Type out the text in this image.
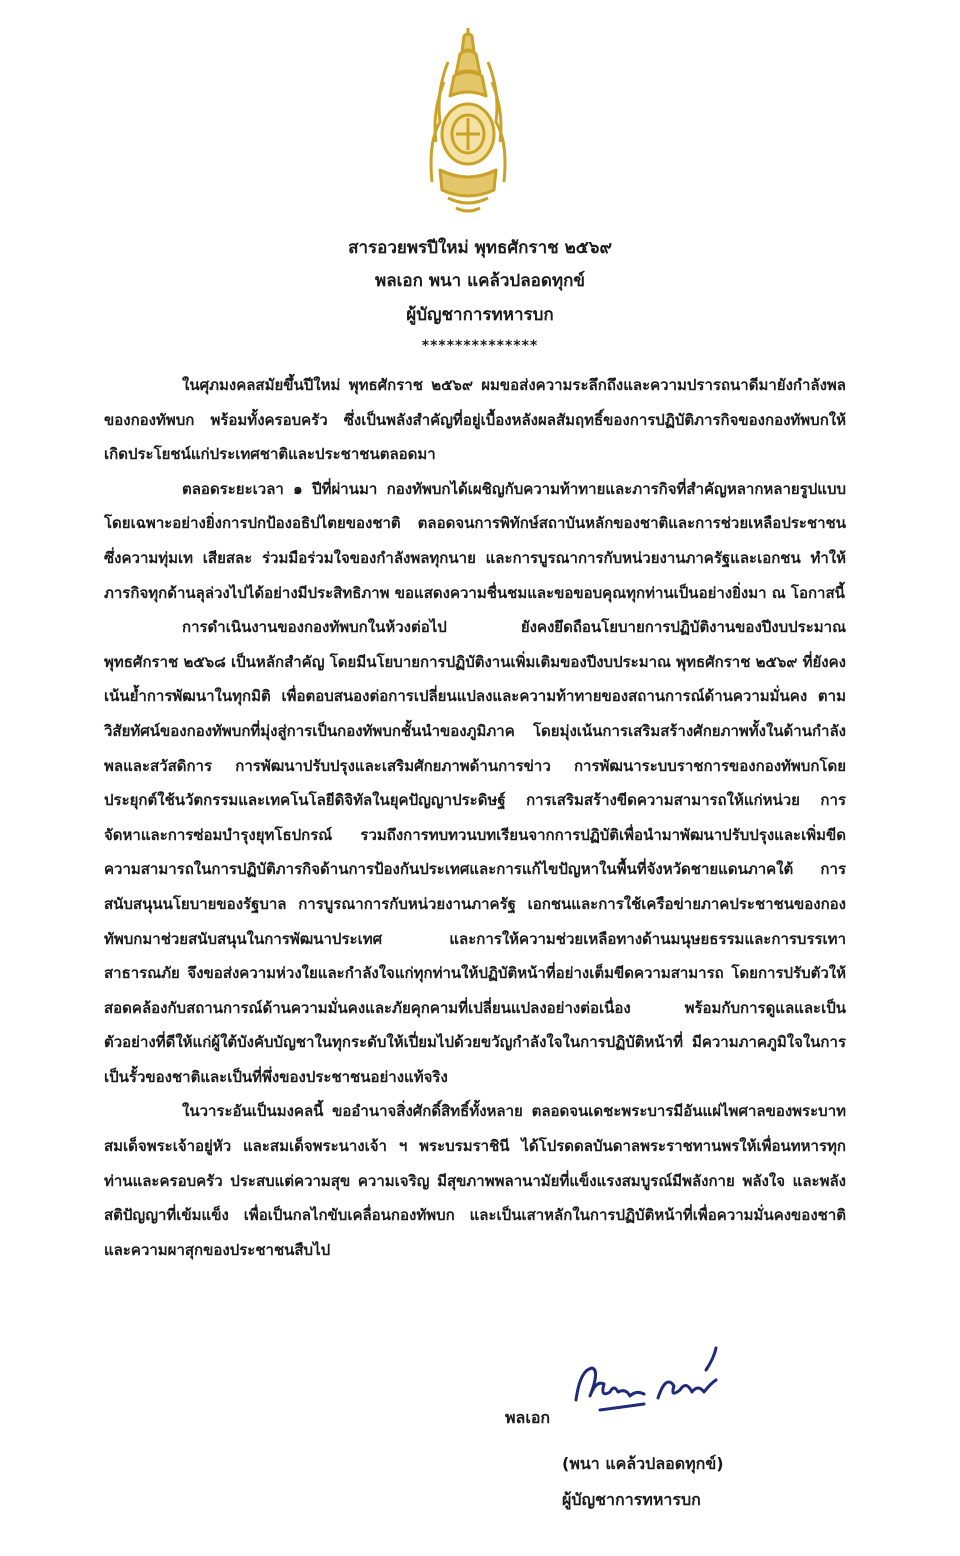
สารอวยพรปีใหม่ พุทธศักราช ๒๕๖๙
พลเอก พนา แคล้วปลอดทุกข์
ผู้บัญชาการทหารบก
**************

ในศุภมงคลสมัยขึ้นปีใหม่ พุทธศักราช ๒๕๖๙ ผมขอส่งความระลึกถึงและความปรารถนาดีมายังกำลังพลของกองทัพบก พร้อมทั้งครอบครัว ซึ่งเป็นพลังสำคัญที่อยู่เบื้องหลังผลสัมฤทธิ์ของการปฏิบัติภารกิจของกองทัพบกให้เกิดประโยชน์แก่ประเทศชาติและประชาชนตลอดมา

ตลอดระยะเวลา ๑ ปีที่ผ่านมา กองทัพบกได้เผชิญกับความท้าทายและภารกิจที่สำคัญหลากหลายรูปแบบ โดยเฉพาะอย่างยิ่งการปกป้องอธิปไตยของชาติ ตลอดจนการพิทักษ์สถาบันหลักของชาติและการช่วยเหลือประชาชน ซึ่งความทุ่มเท เสียสละ ร่วมมือร่วมใจของกำลังพลทุกนาย และการบูรณาการกับหน่วยงานภาครัฐและเอกชน ทำให้ภารกิจทุกด้านลุล่วงไปได้อย่างมีประสิทธิภาพ ขอแสดงความชื่นชมและขอขอบคุณทุกท่านเป็นอย่างยิ่งมา ณ โอกาสนี้

การดำเนินงานของกองทัพบกในห้วงต่อไป ยังคงยึดถือนโยบายการปฏิบัติงานของปีงบประมาณพุทธศักราช ๒๕๖๘ เป็นหลักสำคัญ โดยมีนโยบายการปฏิบัติงานเพิ่มเติมของปีงบประมาณ พุทธศักราช ๒๕๖๙ ที่ยังคงเน้นย้ำการพัฒนาในทุกมิติ เพื่อตอบสนองต่อการเปลี่ยนแปลงและความท้าทายของสถานการณ์ด้านความมั่นคง ตามวิสัยทัศน์ของกองทัพบกที่มุ่งสู่การเป็นกองทัพบกชั้นนำของภูมิภาค โดยมุ่งเน้นการเสริมสร้างศักยภาพทั้งในด้านกำลังพลและสวัสดิการ การพัฒนาปรับปรุงและเสริมศักยภาพด้านการข่าว การพัฒนาระบบราชการของกองทัพบกโดยประยุกต์ใช้นวัตกรรมและเทคโนโลยีดิจิทัลในยุคปัญญาประดิษฐ์ การเสริมสร้างขีดความสามารถให้แก่หน่วย การจัดหาและการซ่อมบำรุงยุทโธปกรณ์ รวมถึงการทบทวนบทเรียนจากการปฏิบัติเพื่อนำมาพัฒนาปรับปรุงและเพิ่มขีดความสามารถในการปฏิบัติภารกิจด้านการป้องกันประเทศและการแก้ไขปัญหาในพื้นที่จังหวัดชายแดนภาคใต้ การสนับสนุนนโยบายของรัฐบาล การบูรณาการกับหน่วยงานภาครัฐ เอกชนและการใช้เครือข่ายภาคประชาชนของกองทัพบกมาช่วยสนับสนุนในการพัฒนาประเทศ และการให้ความช่วยเหลือทางด้านมนุษยธรรมและการบรรเทาสาธารณภัย จึงขอส่งความห่วงใยและกำลังใจแก่ทุกท่านให้ปฏิบัติหน้าที่อย่างเต็มขีดความสามารถ โดยการปรับตัวให้สอดคล้องกับสถานการณ์ด้านความมั่นคงและภัยคุกคามที่เปลี่ยนแปลงอย่างต่อเนื่อง พร้อมกับการดูแลและเป็นตัวอย่างที่ดีให้แก่ผู้ใต้บังคับบัญชาในทุกระดับให้เปี่ยมไปด้วยขวัญกำลังใจในการปฏิบัติหน้าที่ มีความภาคภูมิใจในการเป็นรั้วของชาติและเป็นที่พึ่งของประชาชนอย่างแท้จริง

ในวาระอันเป็นมงคลนี้ ขออำนาจสิ่งศักดิ์สิทธิ์ทั้งหลาย ตลอดจนเดชะพระบารมีอันแผ่ไพศาลของพระบาทสมเด็จพระเจ้าอยู่หัว และสมเด็จพระนางเจ้า ฯ พระบรมราชินี ได้โปรดดลบันดาลพระราชทานพรให้เพื่อนทหารทุกท่านและครอบครัว ประสบแต่ความสุข ความเจริญ มีสุขภาพพลานามัยที่แข็งแรงสมบูรณ์มีพลังกาย พลังใจ และพลังสติปัญญาที่เข้มแข็ง เพื่อเป็นกลไกขับเคลื่อนกองทัพบก และเป็นเสาหลักในการปฏิบัติหน้าที่เพื่อความมั่นคงของชาติและความผาสุกของประชาชนสืบไป

พลเอก
(พนา แคล้วปลอดทุกข์)
ผู้บัญชาการทหารบก
